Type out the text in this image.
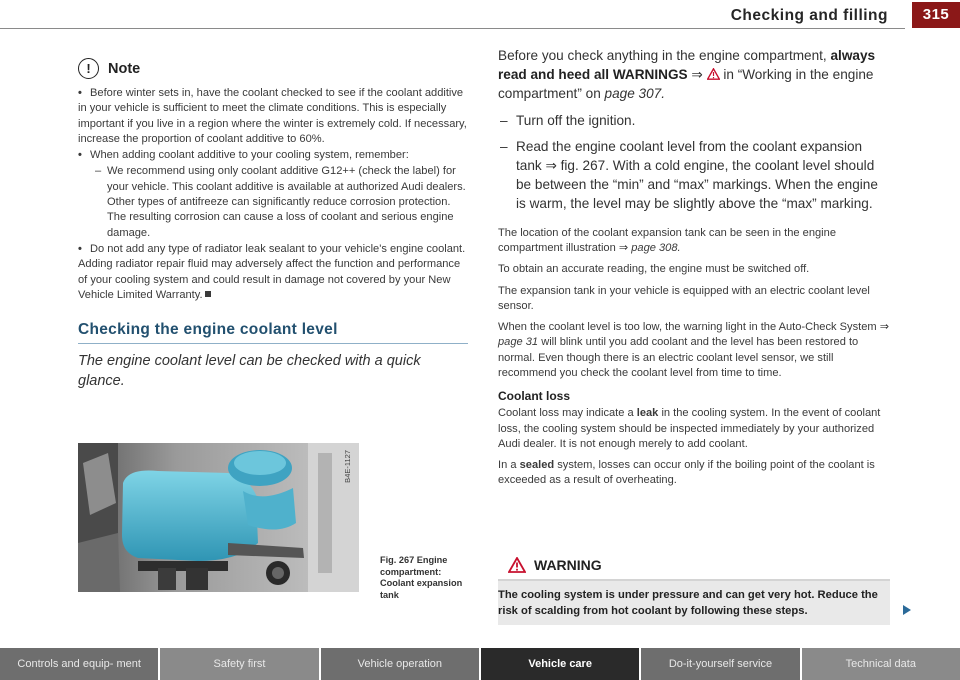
Checking and filling	315
!	Note
• Before winter sets in, have the coolant checked to see if the coolant additive in your vehicle is sufficient to meet the climate conditions. This is especially important if you live in a region where the winter is extremely cold. If necessary, increase the proportion of coolant additive to 60%.
• When adding coolant additive to your cooling system, remember:
– We recommend using only coolant additive G12++ (check the label) for your vehicle. This coolant additive is available at authorized Audi dealers. Other types of antifreeze can significantly reduce corrosion protection. The resulting corrosion can cause a loss of coolant and serious engine damage.
• Do not add any type of radiator leak sealant to your vehicle's engine coolant. Adding radiator repair fluid may adversely affect the function and performance of your cooling system and could result in damage not covered by your New Vehicle Limited Warranty.
Checking the engine coolant level
The engine coolant level can be checked with a quick glance.
B4E-1127
Fig. 267 Engine compartment: Coolant expansion tank
Before you check anything in the engine compartment, always read and heed all WARNINGS ⇒ in “Working in the engine compartment” on page 307.
– Turn off the ignition.
– Read the engine coolant level from the coolant expansion tank ⇒ fig. 267. With a cold engine, the coolant level should be between the “min” and “max” markings. When the engine is warm, the level may be slightly above the “max” marking.
The location of the coolant expansion tank can be seen in the engine compartment illustration ⇒ page 308.
To obtain an accurate reading, the engine must be switched off.
The expansion tank in your vehicle is equipped with an electric coolant level sensor.
When the coolant level is too low, the warning light in the Auto-Check System ⇒ page 31 will blink until you add coolant and the level has been restored to normal. Even though there is an electric coolant level sensor, we still recommend you check the coolant level from time to time.
Coolant loss
Coolant loss may indicate a leak in the cooling system. In the event of coolant loss, the cooling system should be inspected immediately by your authorized Audi dealer. It is not enough merely to add coolant.
In a sealed system, losses can occur only if the boiling point of the coolant is exceeded as a result of overheating.
WARNING
The cooling system is under pressure and can get very hot. Reduce the risk of scalding from hot coolant by following these steps.
Controls and equip- ment	Safety first	Vehicle operation	Vehicle care	Do-it-yourself service	Technical data
